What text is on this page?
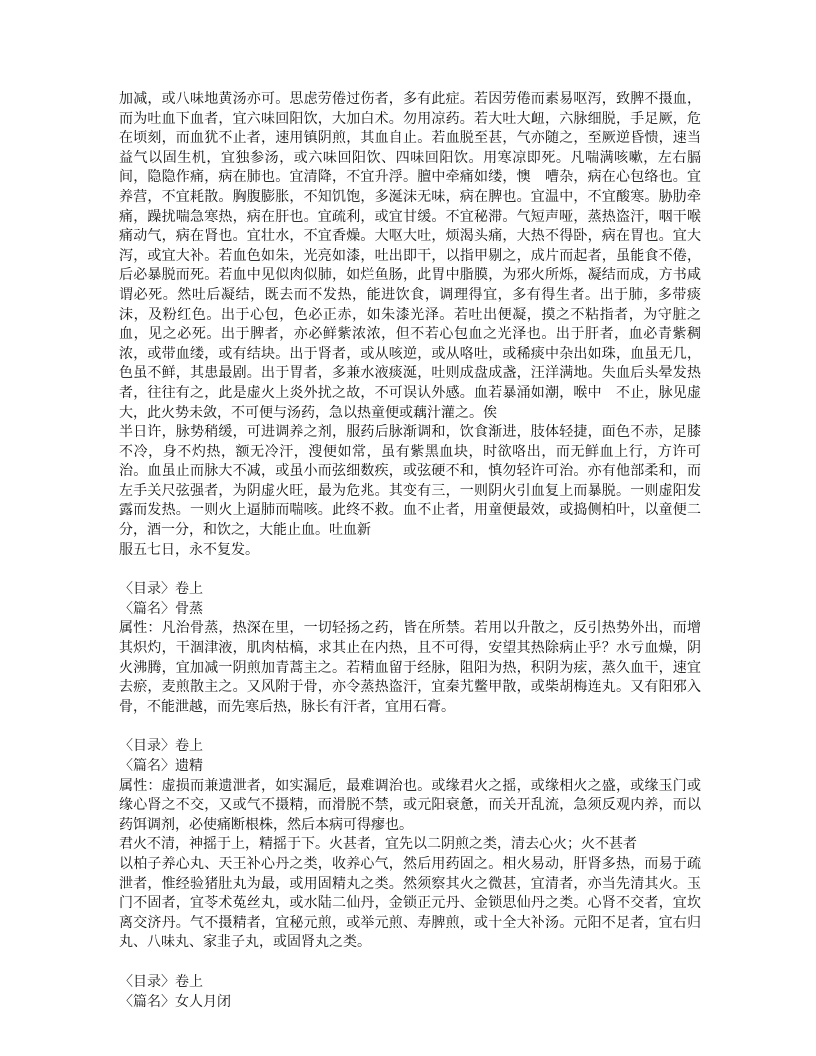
加减，或八味地黄汤亦可。思虑劳倦过伤者，多有此症。若因劳倦而素易呕泻，致脾不摄血，而为吐血下血者，宜六味回阳饮，大加白术。勿用凉药。若大吐大衄，六脉细脱，手足厥，危在顷刻，而血犹不止者，速用镇阴煎，其血自止。若血脱至甚，气亦随之，至厥逆昏愦，速当益气以固生机，宜独参汤，或六味回阳饮、四味回阳饮。用寒凉即死。凡喘满咳嗽，左右膈间，隐隐作痛，病在肺也。宜清降，不宜升浮。膻中牵痛如缕，懊　嘈杂，病在心包络也。宜养营，不宜耗散。胸腹膨胀，不知饥饱，多涎沫无味，病在脾也。宜温中，不宜酸寒。胁肋牵痛，躁扰喘急寒热，病在肝也。宜疏利，或宜甘缓。不宜秘滞。气短声哑，蒸热盗汗，咽干喉痛动气，病在肾也。宜壮水，不宜香燥。大呕大吐，烦渴头痛，大热不得卧，病在胃也。宜大泻，或宜大补。若血色如朱，光亮如漆，吐出即干，以指甲剔之，成片而起者，虽能食不倦，后必暴脱而死。若血中见似肉似肺，如烂鱼肠，此胃中脂膜，为邪火所烁，凝结而成，方书咸谓必死。然吐后凝结，既去而不发热，能进饮食，调理得宜，多有得生者。出于肺，多带痰沫，及粉红色。出于心包，色必正赤，如朱漆光泽。若吐出便凝，摸之不粘指者，为守脏之血，见之必死。出于脾者，亦必鲜紫浓浓，但不若心包血之光泽也。出于肝者，血必青紫稠浓，或带血缕，或有结块。出于肾者，或从咳逆，或从咯吐，或稀痰中杂出如珠，血虽无几，色虽不鲜，其患最剧。出于胃者，多兼水液痰涎，吐则成盘成盏，汪洋满地。失血后头晕发热者，往往有之，此是虚火上炎外扰之故，不可误认外感。血若暴涌如潮，喉中　不止，脉见虚大，此火势未敛，不可便与汤药，急以热童便或藕汁灌之。俟

半日许，脉势稍缓，可进调养之剂，服药后脉渐调和，饮食渐进，肢体轻捷，面色不赤，足膝不冷，身不灼热，额无冷汗，溲便如常，虽有紫黑血块，时欲咯出，而无鲜血上行，方许可治。血虽止而脉大不减，或虽小而弦细数疾，或弦硬不和，慎勿轻许可治。亦有他部柔和，而左手关尺弦强者，为阴虚火旺，最为危兆。其变有三，一则阴火引血复上而暴脱。一则虚阳发露而发热。一则火上逼肺而喘咳。此终不救。血不止者，用童便最效，或捣侧柏叶，以童便二分，酒一分，和饮之，大能止血。吐血新

服五七日，永不复发。

〈目录〉卷上
〈篇名〉骨蒸

属性：凡治骨蒸，热深在里，一切轻扬之药，皆在所禁。若用以升散之，反引热势外出，而增其炽灼，干涸津液，肌肉枯槁，求其止在内热，且不可得，安望其热除病止乎？水亏血燥，阴火沸腾，宜加减一阴煎加青蒿主之。若精血留于经脉，阻阳为热，积阴为痃，蒸久血干，速宜去瘀，麦煎散主之。又风附于骨，亦令蒸热盗汗，宜秦艽鳖甲散，或柴胡梅连丸。又有阳邪入骨，不能泄越，而先寒后热，脉长有汗者，宜用石膏。

〈目录〉卷上
〈篇名〉遗精

属性：虚损而兼遗泄者，如实漏卮，最难调治也。或缘君火之摇，或缘相火之盛，或缘玉门或缘心肾之不交，又或气不摄精，而滑脱不禁，或元阳衰惫，而关开乱流，急须反观内养，而以药饵调剂，必使痛断根株，然后本病可得瘳也。

君火不清，神摇于上，精摇于下。火甚者，宜先以二阴煎之类，清去心火；火不甚者

以柏子养心丸、天王补心丹之类，收养心气，然后用药固之。相火易动，肝肾多热，而易于疏泄者，惟经验猪肚丸为最，或用固精丸之类。然须察其火之微甚，宜清者，亦当先清其火。玉门不固者，宜苓术菟丝丸，或水陆二仙丹，金锁正元丹、金锁思仙丹之类。心肾不交者，宜坎离交济丹。气不摄精者，宜秘元煎，或举元煎、寿脾煎，或十全大补汤。元阳不足者，宜右归丸、八味丸、家韭子丸，或固肾丸之类。

〈目录〉卷上
〈篇名〉女人月闭
